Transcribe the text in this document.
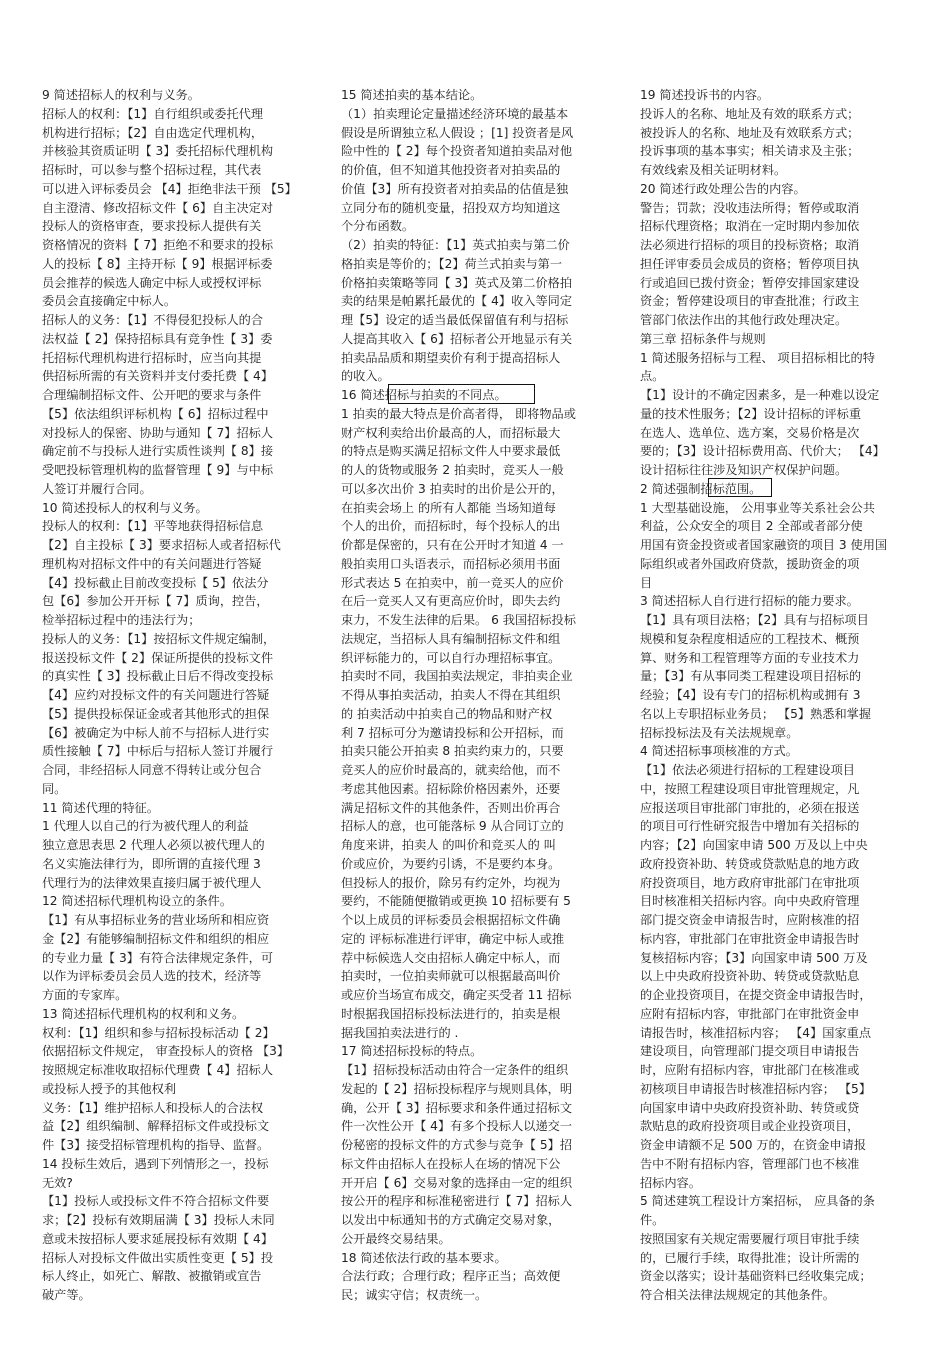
9 简述招标人的权利与义务。

招标人的权利：【1】自行组织或委托代理

机构进行招标；【2】自由选定代理机构，

并核验其资质证明【 3】委托招标代理机构

招标时，可以参与整个招标过程，其代表

可以进入评标委员会 【4】拒绝非法干预 【5】

自主澄清、修改招标文件【 6】自主决定对

投标人的资格审查，要求投标人提供有关

资格情况的资料【 7】拒绝不和要求的投标

人的投标【 8】主持开标【 9】根据评标委

员会推荐的候选人确定中标人或授权评标

委员会直接确定中标人。

招标人的义务：【1】不得侵犯投标人的合

法权益【 2】保持招标具有竞争性【 3】委

托招标代理机构进行招标时，应当向其提

供招标所需的有关资料并支付委托费【 4】

合理编制招标文件、公开吧的要求与条件

【5】依法组织评标机构【 6】招标过程中

对投标人的保密、协助与通知【 7】招标人

确定前不与投标人进行实质性谈判【 8】接

受吧投标管理机构的监督管理【 9】与中标

人签订并履行合同。

10 简述投标人的权利与义务。

投标人的权利：【1】平等地获得招标信息

【2】自主投标【 3】要求招标人或者招标代

理机构对招标文件中的有关问题进行答疑

【4】投标截止目前改变投标【 5】依法分

包【6】参加公开开标【 7】质询，控告，

检举招标过程中的违法行为；

投标人的义务：【1】按招标文件规定编制，

报送投标文件【 2】保证所提供的投标文件

的真实性【 3】投标截止日后不得改变投标

【4】应约对投标文件的有关问题进行答疑

【5】提供投标保证金或者其他形式的担保

【6】被确定为中标人前不与招标人进行实

质性接触【 7】中标后与招标人签订并履行

合同，非经招标人同意不得转让或分包合

同。

11 简述代理的特征。

1 代理人以自己的行为被代理人的利益

独立意思表思 2 代理人必须以被代理人的

名义实施法律行为，即所谓的直接代理 3

代理行为的法律效果直接归属于被代理人

12 简述招标代理机构设立的条件。

【1】有从事招标业务的营业场所和相应资

金【2】有能够编制招标文件和组织的相应

的专业力量【 3】有符合法律规定条件，可

以作为评标委员会员人选的技术，经济等

方面的专家库。

13 简述招标代理机构的权利和义务。

权利：【1】组织和参与招标投标活动【 2】

依据招标文件规定， 审查投标人的资格 【3】

按照规定标准收取招标代理费【 4】招标人

或投标人授予的其他权利

义务：【1】维护招标人和投标人的合法权

益【2】组织编制、解释招标文件或投标文

件【3】接受招标管理机构的指导、监督。

14 投标生效后，遇到下列情形之一，投标

无效?

【1】投标人或投标文件不符合招标文件要

求；【2】投标有效期届满【 3】投标人未同

意或未按招标人要求延展投标有效期【 4】

招标人对投标文件做出实质性变更【 5】投

标人终止，如死亡、解散、被撤销或宣告

破产等。

15 简述拍卖的基本结论。

（1）拍卖理论定量描述经济环境的最基本

假设是所谓独立私人假设 ；[1] 投资者是风

险中性的【 2】每个投资者知道拍卖品对他

的价值，但不知道其他投资者对拍卖品的

价值【3】所有投资者对拍卖品的估值是独

立同分布的随机变量，招投双方均知道这

个分布函数。

（2）拍卖的特征：【1】英式拍卖与第二价

格拍卖是等价的；【2】荷兰式拍卖与第一

价格拍卖策略等同【 3】英式及第二价格拍

卖的结果是帕累托最优的【 4】收入等同定

理【5】设定的适当最低保留值有利与招标

人提高其收入【 6】招标者公开地显示有关

拍卖品品质和期望卖价有利于提高招标人

的收入。

16 简述招标与拍卖的不同点。

1 拍卖的最大特点是价高者得， 即将物品或

财产权利卖给出价最高的人，而招标最大

的特点是购买满足招标文件人中要求最低

的人的货物或服务 2 拍卖时，竞买人一般

可以多次出价 3 拍卖时的出价是公开的，

在拍卖会场上 的所有人都能 当场知道每

个人的出价，而招标时，每个投标人的出

价都是保密的，只有在公开时才知道 4 一

般拍卖用口头语表示，而招标必须用书面

形式表达 5 在拍卖中，前一竞买人的应价

在后一竞买人又有更高应价时，即失去约

束力，不发生法律的后果。 6 我国招标投标

法规定，当招标人具有编制招标文件和组

织评标能力的，可以自行办理招标事宜。

拍卖时不同，我国拍卖法规定，非拍卖企业

不得从事拍卖活动，拍卖人不得在其组织

的 拍卖活动中拍卖自己的物品和财产权

利 7 招标可分为邀请投标和公开招标，而

拍卖只能公开拍卖 8 拍卖约束力的，只要

竞买人的应价时最高的，就卖给他，而不

考虑其他因素。招标除价格因素外，还要

满足招标文件的其他条件，否则出价再合

招标人的意，也可能落标 9 从合同订立的

角度来讲，拍卖人 的叫价和竞买人的 叫

价或应价，为要约引诱，不是要约本身。

但投标人的报价，除另有约定外，均视为

要约，不能随便撤销或更换 10 招标要有 5

个以上成员的评标委员会根据招标文件确

定的 评标标准进行评审，确定中标人或推

荐中标候选人交由招标人确定中标人，而

拍卖时，一位拍卖师就可以根据最高叫价

或应价当场宣布成交，确定买受者 11 招标

时根据我国招标投标法进行的，拍卖是根

据我国拍卖法进行的 .

17 简述招标投标的特点。

【1】招标投标活动由符合一定条件的组织

发起的【 2】招标投标程序与规则具体，明

确，公开【 3】招标要求和条件通过招标文

件一次性公开【 4】有多个投标人以递交一

份秘密的投标文件的方式参与竞争【 5】招

标文件由招标人在投标人在场的情况下公

开开启【 6】交易对象的选择由一定的组织

按公开的程序和标准秘密进行【 7】招标人

以发出中标通知书的方式确定交易对象，

公开最终交易结果。

18 简述依法行政的基本要求。

合法行政；合理行政；程序正当；高效便

民；诚实守信；权责统一。

19 简述投诉书的内容。

投诉人的名称、地址及有效的联系方式；

被投诉人的名称、地址及有效联系方式；

投诉事项的基本事实；相关请求及主张；

有效线索及相关证明材料。

20 简述行政处理公告的内容。

警告；罚款；没收违法所得；暂停或取消

招标代理资格；取消在一定时期内参加依

法必须进行招标的项目的投标资格；取消

担任评审委员会成员的资格；暂停项目执

行或追回已拨付资金；暂停安排国家建设

资金；暂停建设项目的审查批准；行政主

管部门依法作出的其他行政处理决定。

第三章 招标条件与规则

1 简述服务招标与工程、 项目招标相比的特

点。

【1】设计的不确定因素多，是一种难以设定

量的技术性服务；【2】设计招标的评标重

在选人、选单位、选方案，交易价格是次

要的；【3】设计招标费用高、代价大； 【4】

设计招标往往涉及知识产权保护问题。

2 简述强制招标范围。

1 大型基础设施， 公用事业等关系社会公共

利益，公众安全的项目 2 全部或者部分使

用国有资金投资或者国家融资的项目 3 使用国

际组织或者外国政府贷款，援助资金的项

目

3 简述招标人自行进行招标的能力要求。

【1】具有项目法格；【2】具有与招标项目

规模和复杂程度相适应的工程技术、概预

算、财务和工程管理等方面的专业技术力

量；【3】有从事同类工程建设项目招标的

经验；【4】设有专门的招标机构或拥有 3

名以上专职招标业务员； 【5】熟悉和掌握

招标投标法及有关法规规章。

4 简述招标事项核准的方式。

【1】依法必须进行招标的工程建设项目

中，按照工程建设项目审批管理规定，凡

应报送项目审批部门审批的，必须在报送

的项目可行性研究报告中增加有关招标的

内容；【2】向国家申请 500 万及以上中央

政府投资补助、转贷或贷款贴息的地方政

府投资项目，地方政府审批部门在审批项

目时核准相关招标内容。向中央政府管理

部门提交资金申请报告时，应附核准的招

标内容，审批部门在审批资金申请报告时

复核招标内容；【3】向国家申请 500 万及

以上中央政府投资补助、转贷或贷款贴息

的企业投资项目，在提交资金申请报告时，

应附有招标内容，审批部门在审批资金申

请报告时，核准招标内容； 【4】国家重点

建设项目，向管理部门提交项目申请报告

时，应附有招标内容，审批部门在核准或

初核项目申请报告时核准招标内容； 【5】

向国家申请中央政府投资补助、转贷或贷

款贴息的政府投资项目或企业投资项目，

资金申请额不足 500 万的，在资金申请报

告中不附有招标内容，管理部门也不核准

招标内容。

5 简述建筑工程设计方案招标， 应具备的条

件。

按照国家有关规定需要履行项目审批手续

的，已履行手续，取得批准；设计所需的

资金以落实；设计基础资料已经收集完成；

符合相关法律法规规定的其他条件。
